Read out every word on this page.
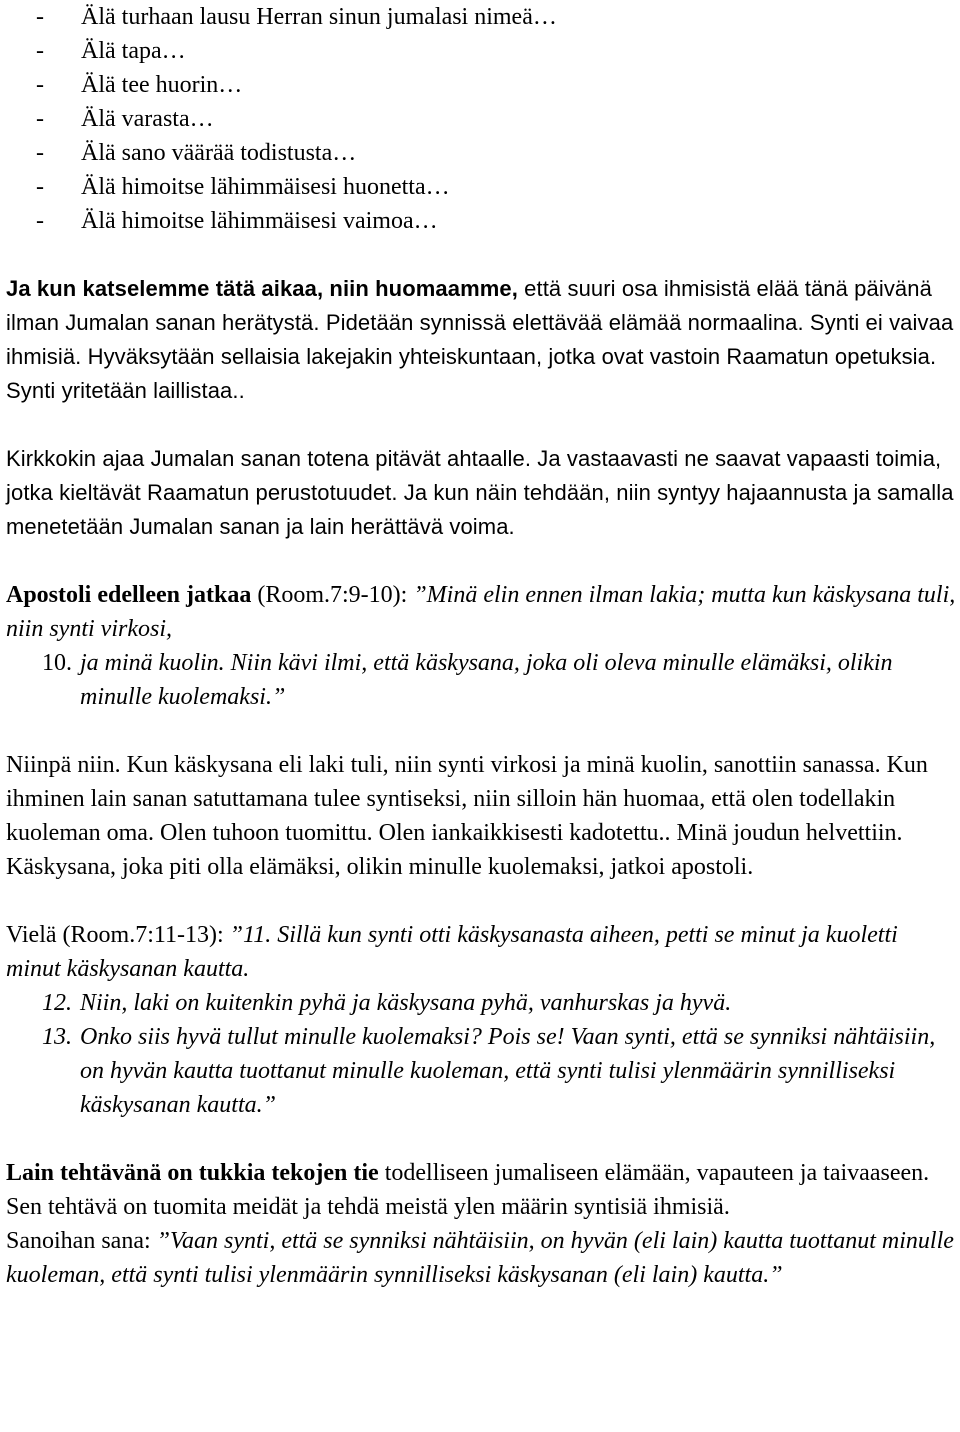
- Älä turhaan lausu Herran sinun jumalasi nimeä…
- Älä tapa…
- Älä tee huorin…
- Älä varasta…
- Älä sano väärää todistusta…
- Älä himoitse lähimmäisesi huonetta…
- Älä himoitse lähimmäisesi vaimoa…

Ja kun katselemme tätä aikaa, niin huomaamme, että suuri osa ihmisistä elää tänä päivänä ilman Jumalan sanan herätystä. Pidetään synnissä elettävää elämää normaalina. Synti ei vaivaa ihmisiä. Hyväksytään sellaisia lakejakin yhteiskuntaan, jotka ovat vastoin Raamatun opetuksia. Synti yritetään laillistaa..

Kirkkokin ajaa Jumalan sanan totena pitävät ahtaalle. Ja vastaavasti ne saavat vapaasti toimia, jotka kieltävät Raamatun perustotuudet. Ja kun näin tehdään, niin syntyy hajaannusta ja samalla menetetään Jumalan sanan ja lain herättävä voima.

Apostoli edelleen jatkaa (Room.7:9-10): ”Minä elin ennen ilman lakia; mutta kun käskysana tuli, niin synti virkosi,

10. ja minä kuolin. Niin kävi ilmi, että käskysana, joka oli oleva minulle elämäksi, olikin minulle kuolemaksi.”

Niinpä niin. Kun käskysana eli laki tuli, niin synti virkosi ja minä kuolin, sanottiin sanassa. Kun ihminen lain sanan satuttamana tulee syntiseksi, niin silloin hän huomaa, että olen todellakin kuoleman oma. Olen tuhoon tuomittu. Olen iankaikkisesti kadotettu.. Minä joudun helvettiin. Käskysana, joka piti olla elämäksi, olikin minulle kuolemaksi, jatkoi apostoli.

Vielä (Room.7:11-13): ”11. Sillä kun synti otti käskysanasta aiheen, petti se minut ja kuoletti minut käskysanan kautta.

12. Niin, laki on kuitenkin pyhä ja käskysana pyhä, vanhurskas ja hyvä.
13. Onko siis hyvä tullut minulle kuolemaksi? Pois se! Vaan synti, että se synniksi nähtäisiin, on hyvän kautta tuottanut minulle kuoleman, että synti tulisi ylenmäärin synnilliseksi käskysanan kautta.”

Lain tehtävänä on tukkia tekojen tie todelliseen jumaliseen elämään, vapauteen ja taivaaseen. Sen tehtävä on tuomita meidät ja tehdä meistä ylen määrin syntisiä ihmisiä.

Sanoihan sana: ”Vaan synti, että se synniksi nähtäisiin, on hyvän (eli lain) kautta tuottanut minulle kuoleman, että synti tulisi ylenmäärin synnilliseksi käskysanan (eli lain) kautta.”
